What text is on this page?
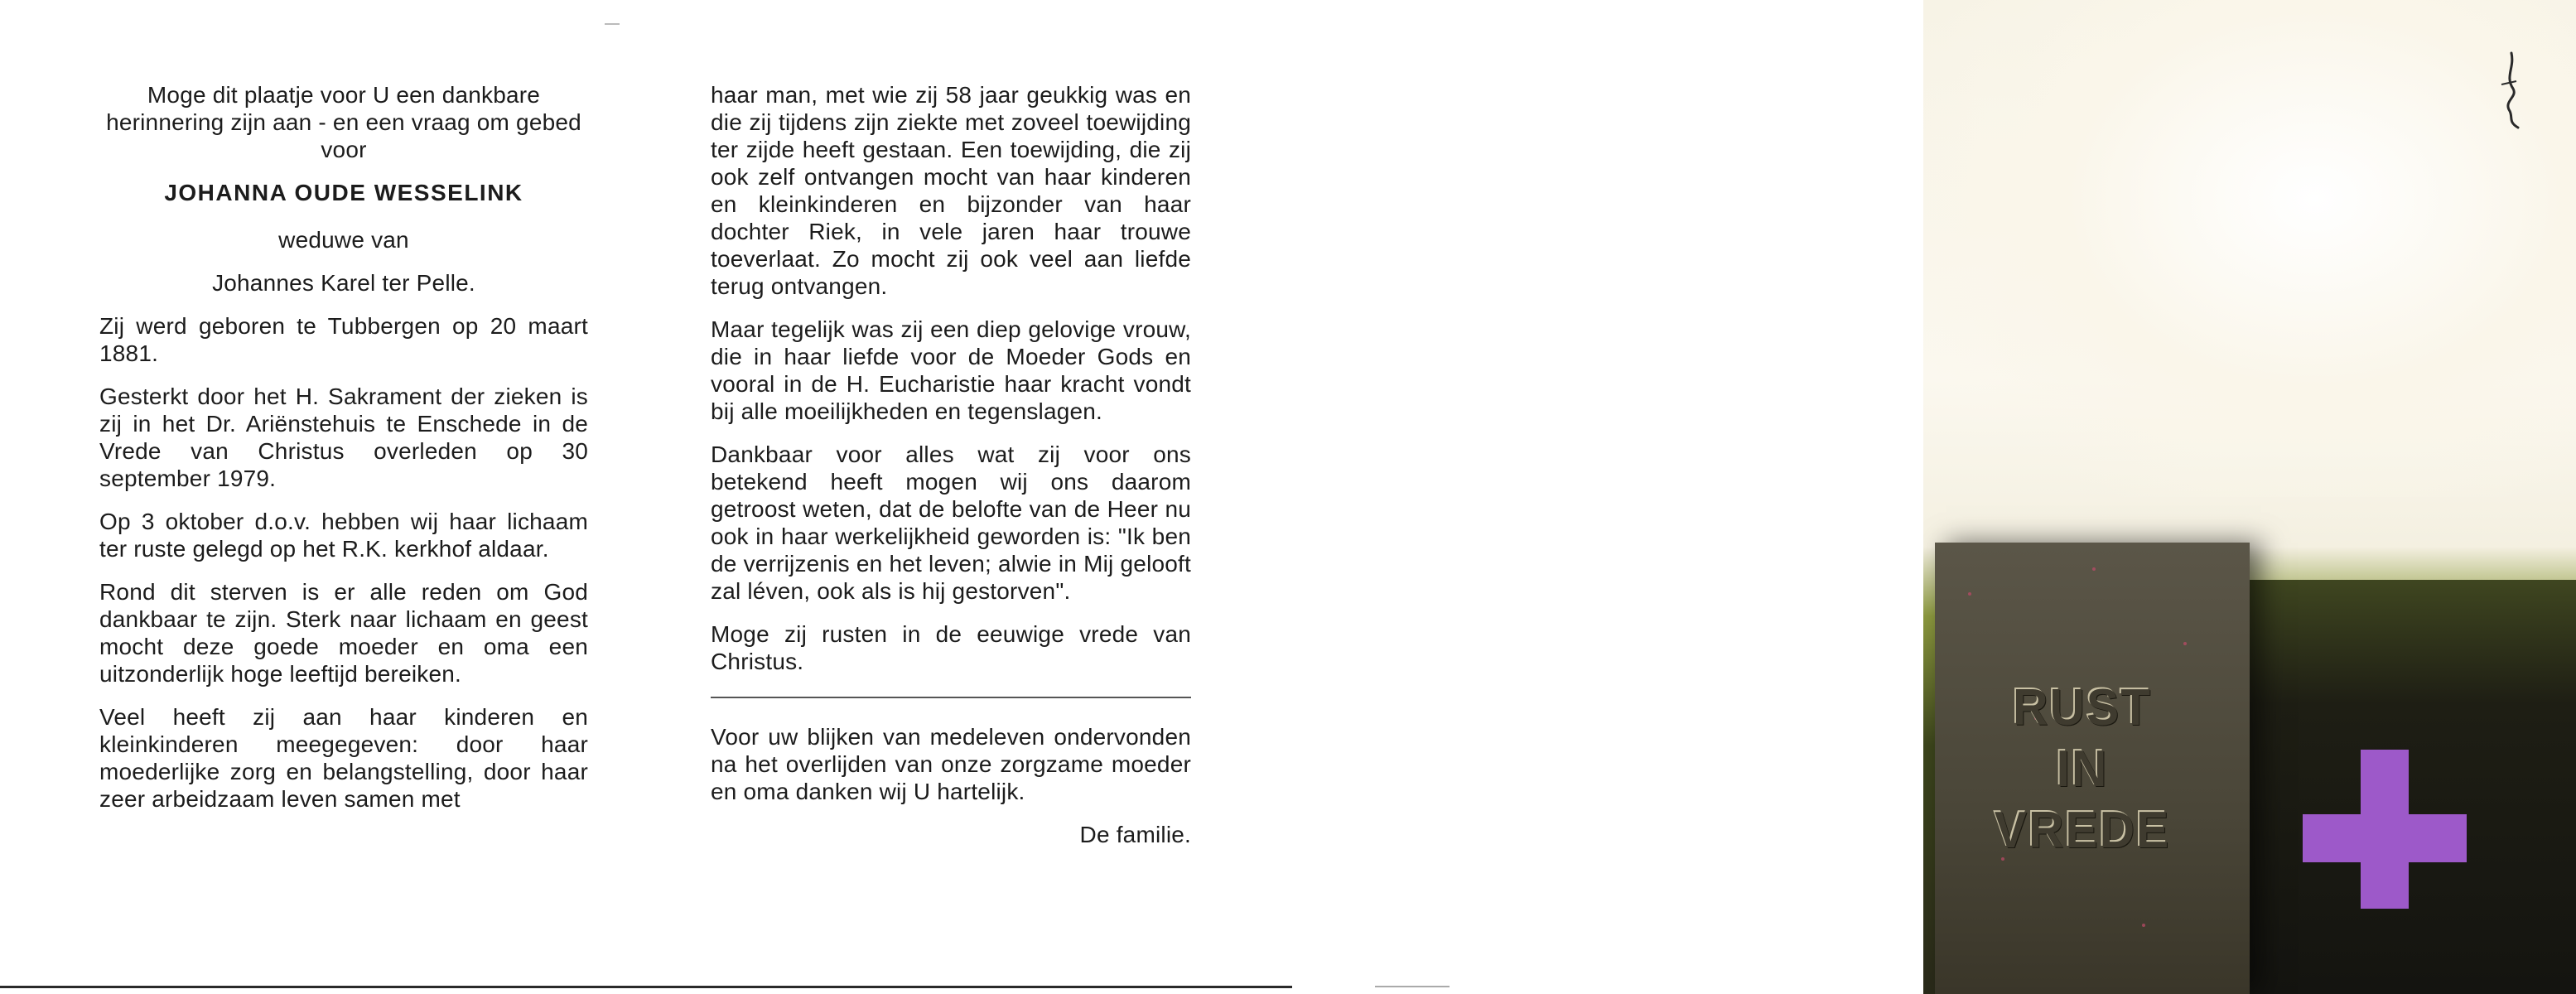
Moge dit plaatje voor U een dankbare herinnering zijn aan - en een vraag om gebed voor

JOHANNA OUDE WESSELINK

weduwe van

Johannes Karel ter Pelle.

Zij werd geboren te Tubbergen op 20 maart 1881.

Gesterkt door het H. Sakrament der zieken is zij in het Dr. Ariënstehuis te Enschede in de Vrede van Christus overleden op 30 september 1979.

Op 3 oktober d.o.v. hebben wij haar lichaam ter ruste gelegd op het R.K. kerkhof aldaar.

Rond dit sterven is er alle reden om God dankbaar te zijn. Sterk naar lichaam en geest mocht deze goede moeder en oma een uitzonderlijk hoge leeftijd bereiken.

Veel heeft zij aan haar kinderen en kleinkinderen meegegeven: door haar moederlijke zorg en belangstelling, door haar zeer arbeidzaam leven samen met

haar man, met wie zij 58 jaar geukkig was en die zij tijdens zijn ziekte met zoveel toewijding ter zijde heeft gestaan. Een toewijding, die zij ook zelf ontvangen mocht van haar kinderen en kleinkinderen en bijzonder van haar dochter Riek, in vele jaren haar trouwe toeverlaat. Zo mocht zij ook veel aan liefde terug ontvangen.

Maar tegelijk was zij een diep gelovige vrouw, die in haar liefde voor de Moeder Gods en vooral in de H. Eucharistie haar kracht vondt bij alle moeilijkheden en tegenslagen.

Dankbaar voor alles wat zij voor ons betekend heeft mogen wij ons daarom getroost weten, dat de belofte van de Heer nu ook in haar werkelijkheid geworden is: "Ik ben de verrijzenis en het leven; alwie in Mij gelooft zal léven, ook als is hij gestorven".

Moge zij rusten in de eeuwige vrede van Christus.

Voor uw blijken van medeleven ondervonden na het overlijden van onze zorgzame moeder en oma danken wij U hartelijk.

De familie.

RUST
IN
VREDE
